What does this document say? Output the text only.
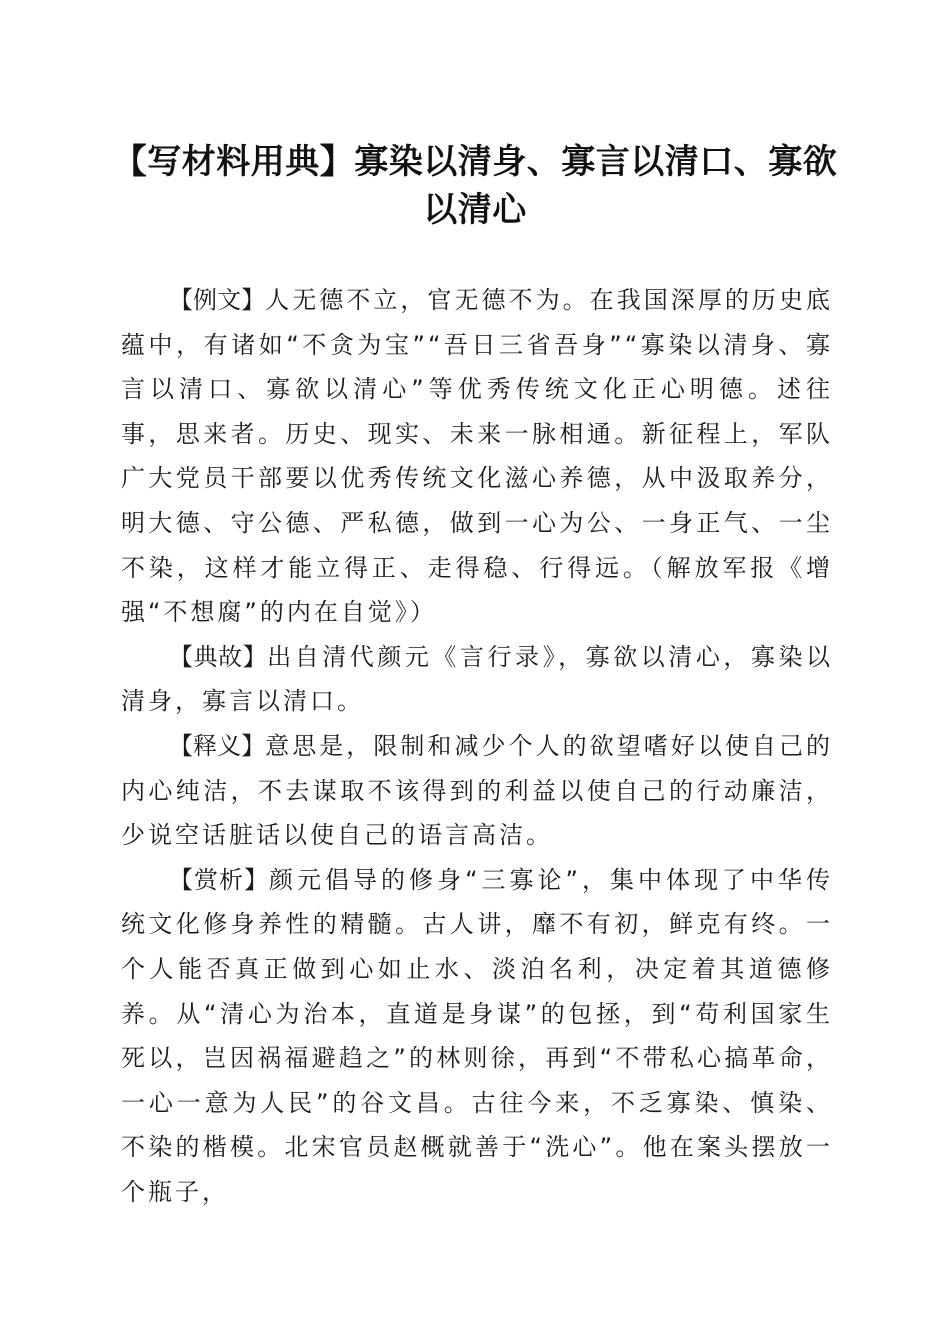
【写材料用典】寡染以清身、寡言以清口、寡欲以清心

【例文】人无德不立，官无德不为。在我国深厚的历史底蕴中，有诸如“不贪为宝”“吾日三省吾身”“寡染以清身、寡言以清口、寡欲以清心”等优秀传统文化正心明德。述往事，思来者。历史、现实、未来一脉相通。新征程上，军队广大党员干部要以优秀传统文化滋心养德，从中汲取养分，明大德、守公德、严私德，做到一心为公、一身正气、一尘不染，这样才能立得正、走得稳、行得远。（解放军报《增强“不想腐”的内在自觉》）

【典故】出自清代颜元《言行录》，寡欲以清心，寡染以清身，寡言以清口。

【释义】意思是，限制和减少个人的欲望嗜好以使自己的内心纯洁，不去谋取不该得到的利益以使自己的行动廉洁，少说空话脏话以使自己的语言高洁。

【赏析】颜元倡导的修身“三寡论”，集中体现了中华传统文化修身养性的精髓。古人讲，靡不有初，鲜克有终。一个人能否真正做到心如止水、淡泊名利，决定着其道德修养。从“清心为治本，直道是身谋”的包拯，到“苟利国家生死以，岂因祸福避趋之”的林则徐，再到“不带私心搞革命，一心一意为人民”的谷文昌。古往今来，不乏寡染、慎染、不染的楷模。北宋官员赵概就善于“洗心”。他在案头摆放一个瓶子，
